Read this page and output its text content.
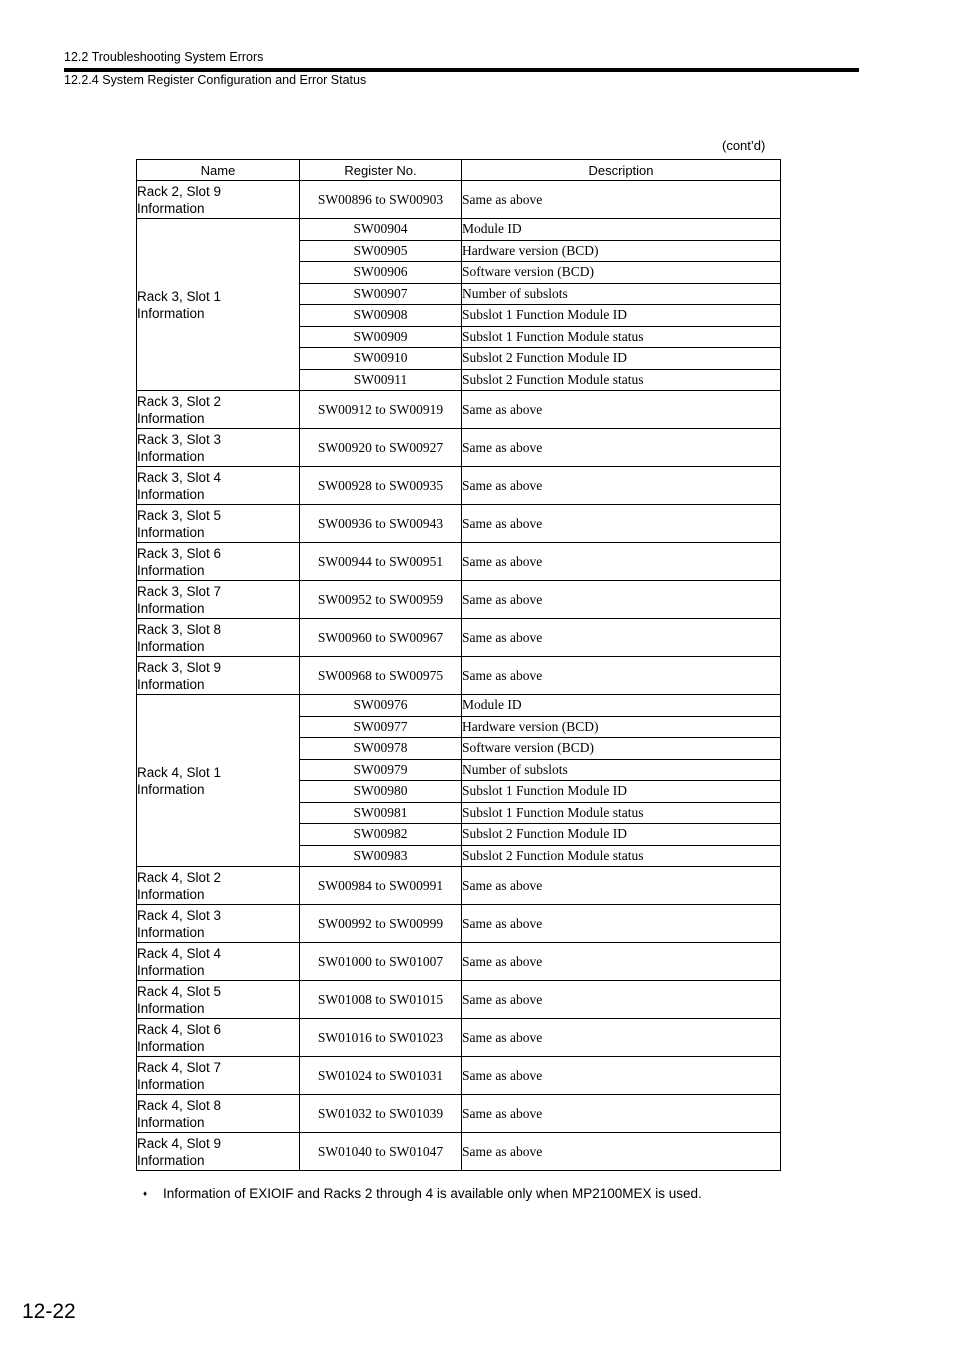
12.2 Troubleshooting System Errors
12.2.4 System Register Configuration and Error Status
(cont’d)
Name	Register No.	Description

Rack 2, Slot 9
Information	SW00896 to SW00903	Same as above

Rack 3, Slot 1
Information	SW00904	Module ID
	SW00905	Hardware version (BCD)
	SW00906	Software version (BCD)
	SW00907	Number of subslots
	SW00908	Subslot 1 Function Module ID
	SW00909	Subslot 1 Function Module status
	SW00910	Subslot 2 Function Module ID
	SW00911	Subslot 2 Function Module status

Rack 3, Slot 2
Information	SW00912 to SW00919	Same as above

Rack 3, Slot 3
Information	SW00920 to SW00927	Same as above

Rack 3, Slot 4
Information	SW00928 to SW00935	Same as above

Rack 3, Slot 5
Information	SW00936 to SW00943	Same as above

Rack 3, Slot 6
Information	SW00944 to SW00951	Same as above

Rack 3, Slot 7
Information	SW00952 to SW00959	Same as above

Rack 3, Slot 8
Information	SW00960 to SW00967	Same as above

Rack 3, Slot 9
Information	SW00968 to SW00975	Same as above

Rack 4, Slot 1
Information	SW00976	Module ID
	SW00977	Hardware version (BCD)
	SW00978	Software version (BCD)
	SW00979	Number of subslots
	SW00980	Subslot 1 Function Module ID
	SW00981	Subslot 1 Function Module status
	SW00982	Subslot 2 Function Module ID
	SW00983	Subslot 2 Function Module status

Rack 4, Slot 2
Information	SW00984 to SW00991	Same as above

Rack 4, Slot 3
Information	SW00992 to SW00999	Same as above

Rack 4, Slot 4
Information	SW01000 to SW01007	Same as above

Rack 4, Slot 5
Information	SW01008 to SW01015	Same as above

Rack 4, Slot 6
Information	SW01016 to SW01023	Same as above

Rack 4, Slot 7
Information	SW01024 to SW01031	Same as above

Rack 4, Slot 8
Information	SW01032 to SW01039	Same as above

Rack 4, Slot 9
Information	SW01040 to SW01047	Same as above
♦ Information of EXIOIF and Racks 2 through 4 is available only when MP2100MEX is used.
12-22
